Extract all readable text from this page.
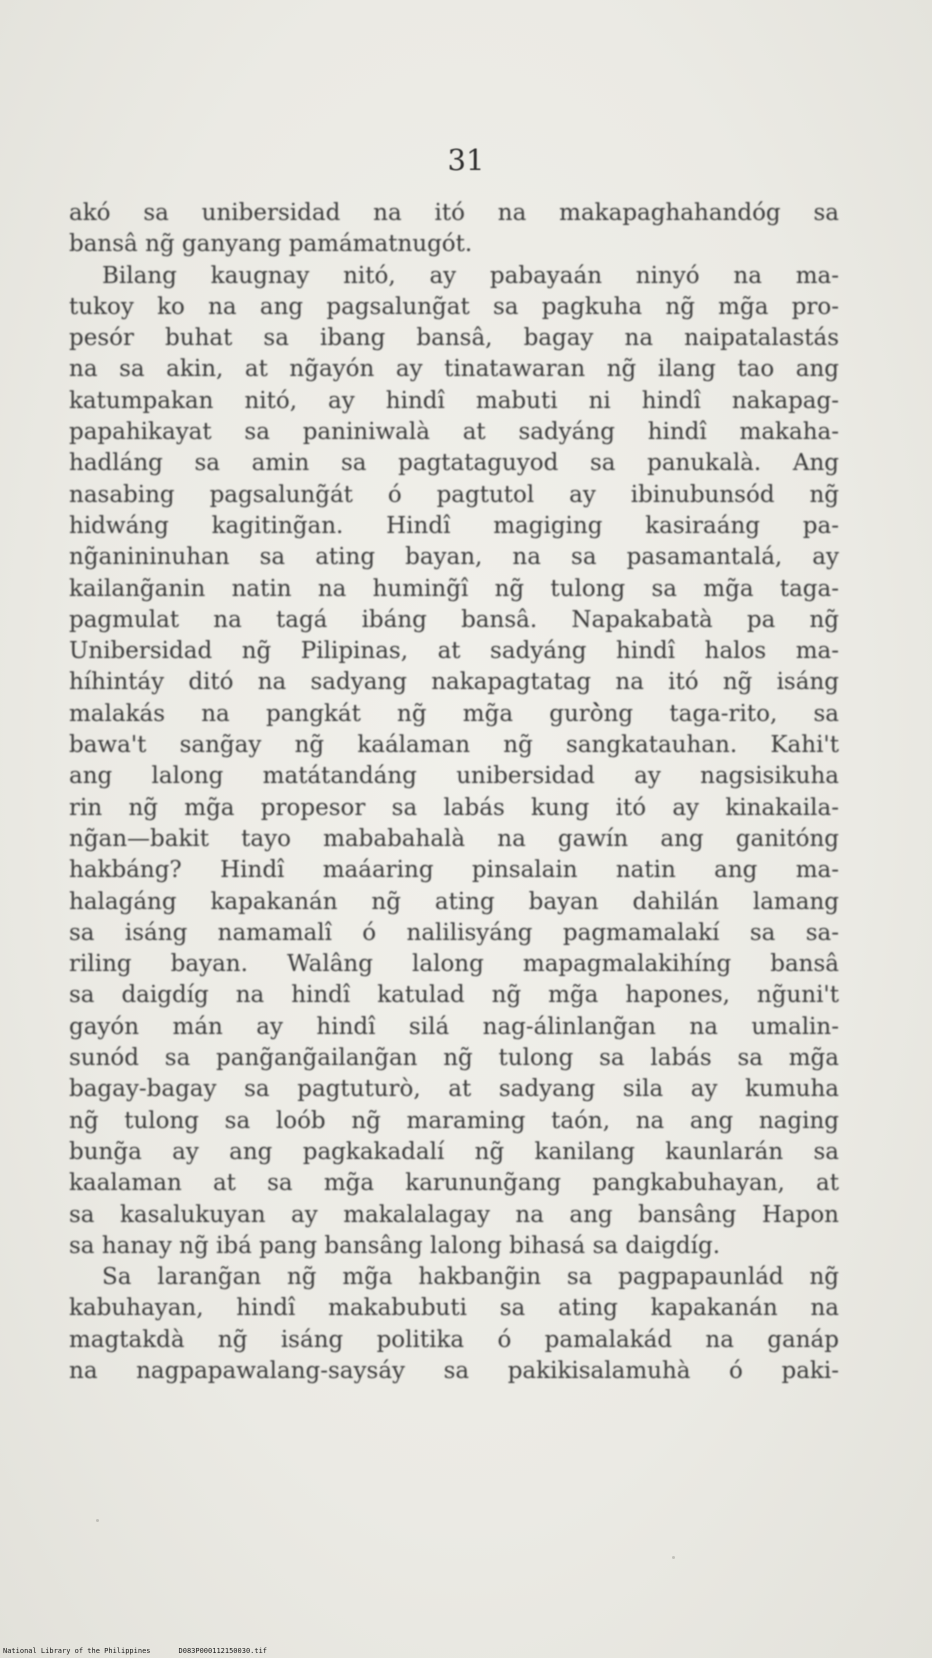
31
akó sa unibersidad na itó na makapaghahandóg sa
bansâ ng̃ ganyang pamámatnugót.
Bilang kaugnay nitó, ay pabayaán ninyó na ma-
tukoy ko na ang pagsalung̃at sa pagkuha ng̃ mg̃a pro-
pesór buhat sa ibang bansâ, bagay na naipatalastás
na sa akin, at ng̃ayón ay tinatawaran ng̃ ilang tao ang
katumpakan nitó, ay hindî mabuti ni hindî nakapag-
papahikayat sa paniniwalà at sadyáng hindî makaha-
hadláng sa amin sa pagtataguyod sa panukalà. Ang
nasabing pagsalung̃át ó pagtutol ay ibinubunsód ng̃
hidwáng kagiting̃an. Hindî magiging kasiraáng pa-
ng̃anininuhan sa ating bayan, na sa pasamantalá, ay
kailang̃anin natin na huming̃î ng̃ tulong sa mg̃a taga-
pagmulat na tagá ibáng bansâ. Napakabatà pa ng̃
Unibersidad ng̃ Pilipinas, at sadyáng hindî halos ma-
híhintáy ditó na sadyang nakapagtatag na itó ng̃ isáng
malakás na pangkát ng̃ mg̃a gurò̀ng taga-rito, sa
bawa't sang̃ay ng̃ kaálaman ng̃ sangkatauhan. Kahi't
ang lalong matátandáng unibersidad ay nagsisikuha
rin ng̃ mg̃a propesor sa labás kung itó ay kinakaila-
ng̃an—bakit tayo mababahalà na gawín ang ganitóng
hakbáng? Hindî maáaring pinsalain natin ang ma-
halagáng kapakanán ng̃ ating bayan dahilán lamang
sa isáng namamalî ó nalilisyáng pagmamalakí sa sa-
riling bayan. Walâng lalong mapagmalakihíng bansâ
sa daigdíg na hindî katulad ng̃ mg̃a hapones, ng̃uni't
gayón mán ay hindî silá nag-álinlang̃an na umalin-
sunód sa pang̃ang̃ailang̃an ng̃ tulong sa labás sa mg̃a
bagay-bagay sa pagtuturò, at sadyang sila ay kumuha
ng̃ tulong sa loób ng̃ maraming taón, na ang naging
bung̃a ay ang pagkakadalí ng̃ kanilang kaunlarán sa
kaalaman at sa mg̃a karunung̃ang pangkabuhayan, at
sa kasalukuyan ay makalalagay na ang bansâng Hapon
sa hanay ng̃ ibá pang bansâng lalong bihasá sa daigdíg.
Sa larang̃an ng̃ mg̃a hakbang̃in sa pagpapaunlád ng̃
kabuhayan, hindî makabubuti sa ating kapakanán na
magtakdà ng̃ isáng politika ó pamalakád na ganáp
na nagpapawalang-saysáy sa pakikisalamuhà ó paki-
National Library of the Philippines	D083P000112150030.tif
